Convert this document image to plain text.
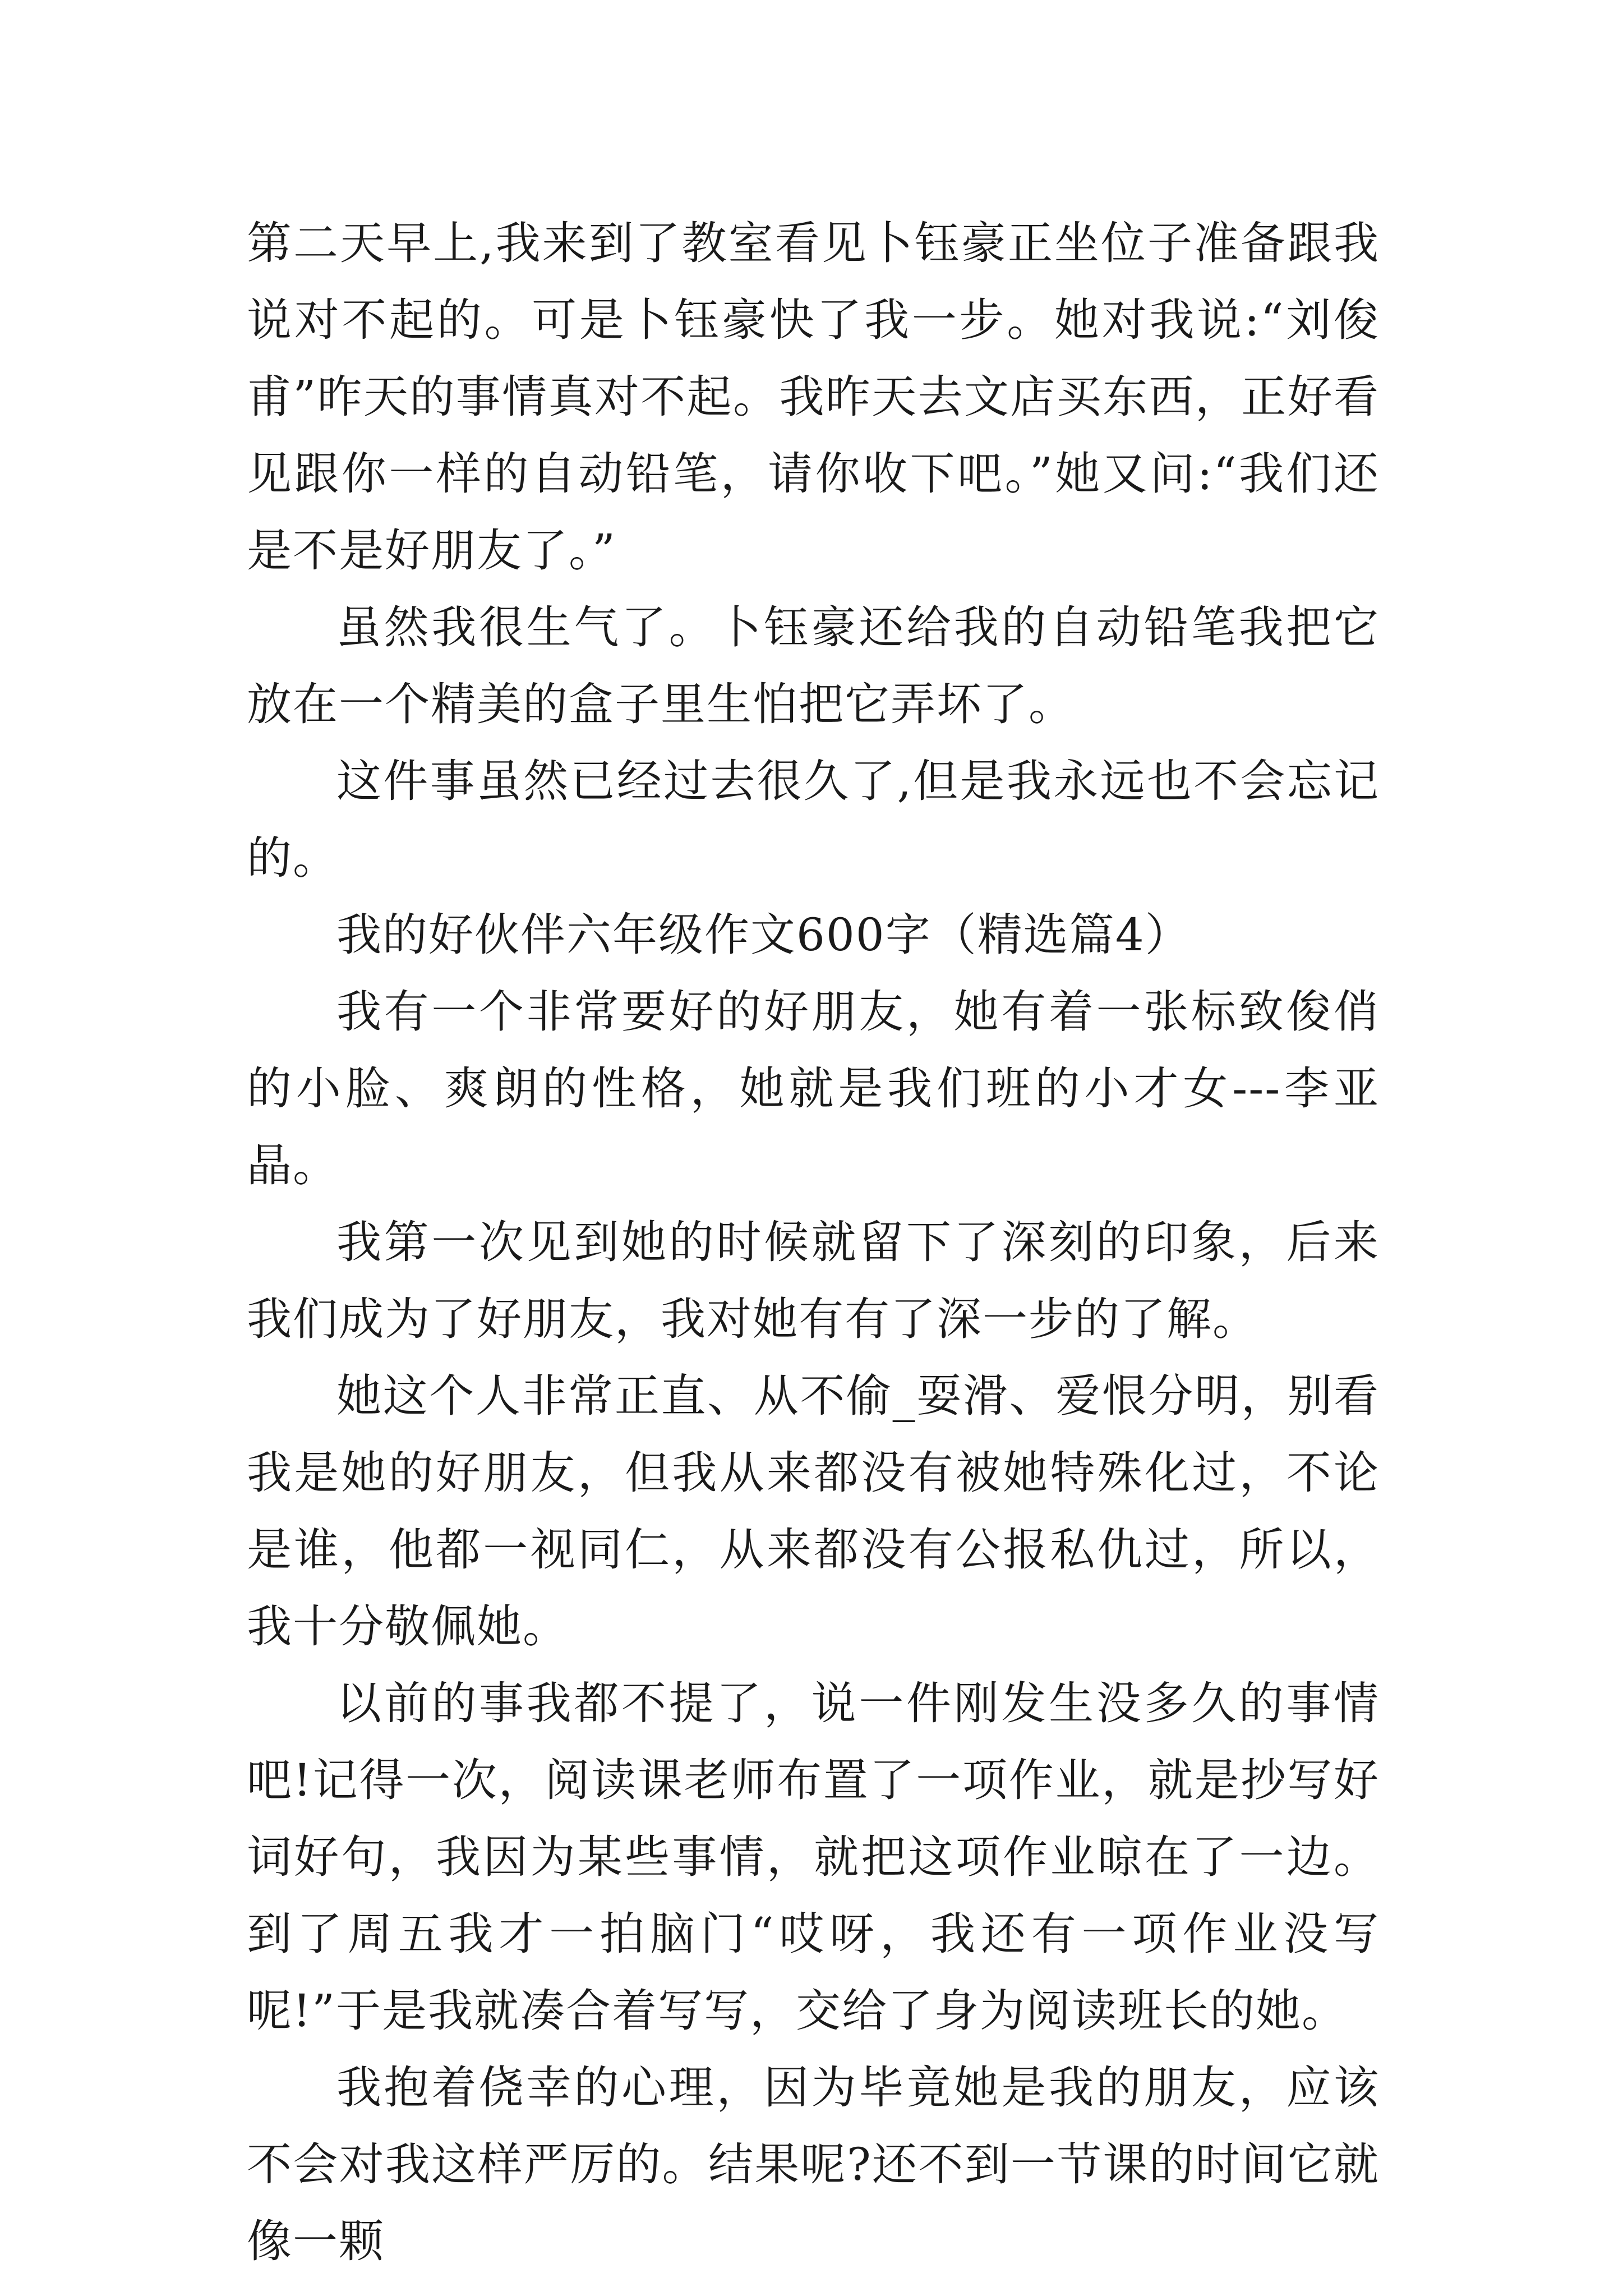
第二天早上,我来到了教室看见卜钰豪正坐位子准备跟我说对不起的。可是卜钰豪快了我一步。她对我说:“刘俊甫”昨天的事情真对不起。我昨天去文店买东西，正好看见跟你一样的自动铅笔，请你收下吧。”她又问:“我们还是不是好朋友了。”

虽然我很生气了。卜钰豪还给我的自动铅笔我把它放在一个精美的盒子里生怕把它弄坏了。

这件事虽然已经过去很久了,但是我永远也不会忘记的。

我的好伙伴六年级作文600字（精选篇4）

我有一个非常要好的好朋友，她有着一张标致俊俏的小脸、爽朗的性格，她就是我们班的小才女---李亚晶。

我第一次见到她的时候就留下了深刻的印象，后来我们成为了好朋友，我对她有有了深一步的了解。

她这个人非常正直、从不偷_耍滑、爱恨分明，别看我是她的好朋友，但我从来都没有被她特殊化过，不论是谁，他都一视同仁，从来都没有公报私仇过，所以，我十分敬佩她。

以前的事我都不提了，说一件刚发生没多久的事情吧!记得一次，阅读课老师布置了一项作业，就是抄写好词好句，我因为某些事情，就把这项作业晾在了一边。到了周五我才一拍脑门“哎呀，我还有一项作业没写呢!”于是我就凑合着写写，交给了身为阅读班长的她。

我抱着侥幸的心理，因为毕竟她是我的朋友，应该不会对我这样严厉的。结果呢?还不到一节课的时间它就像一颗
